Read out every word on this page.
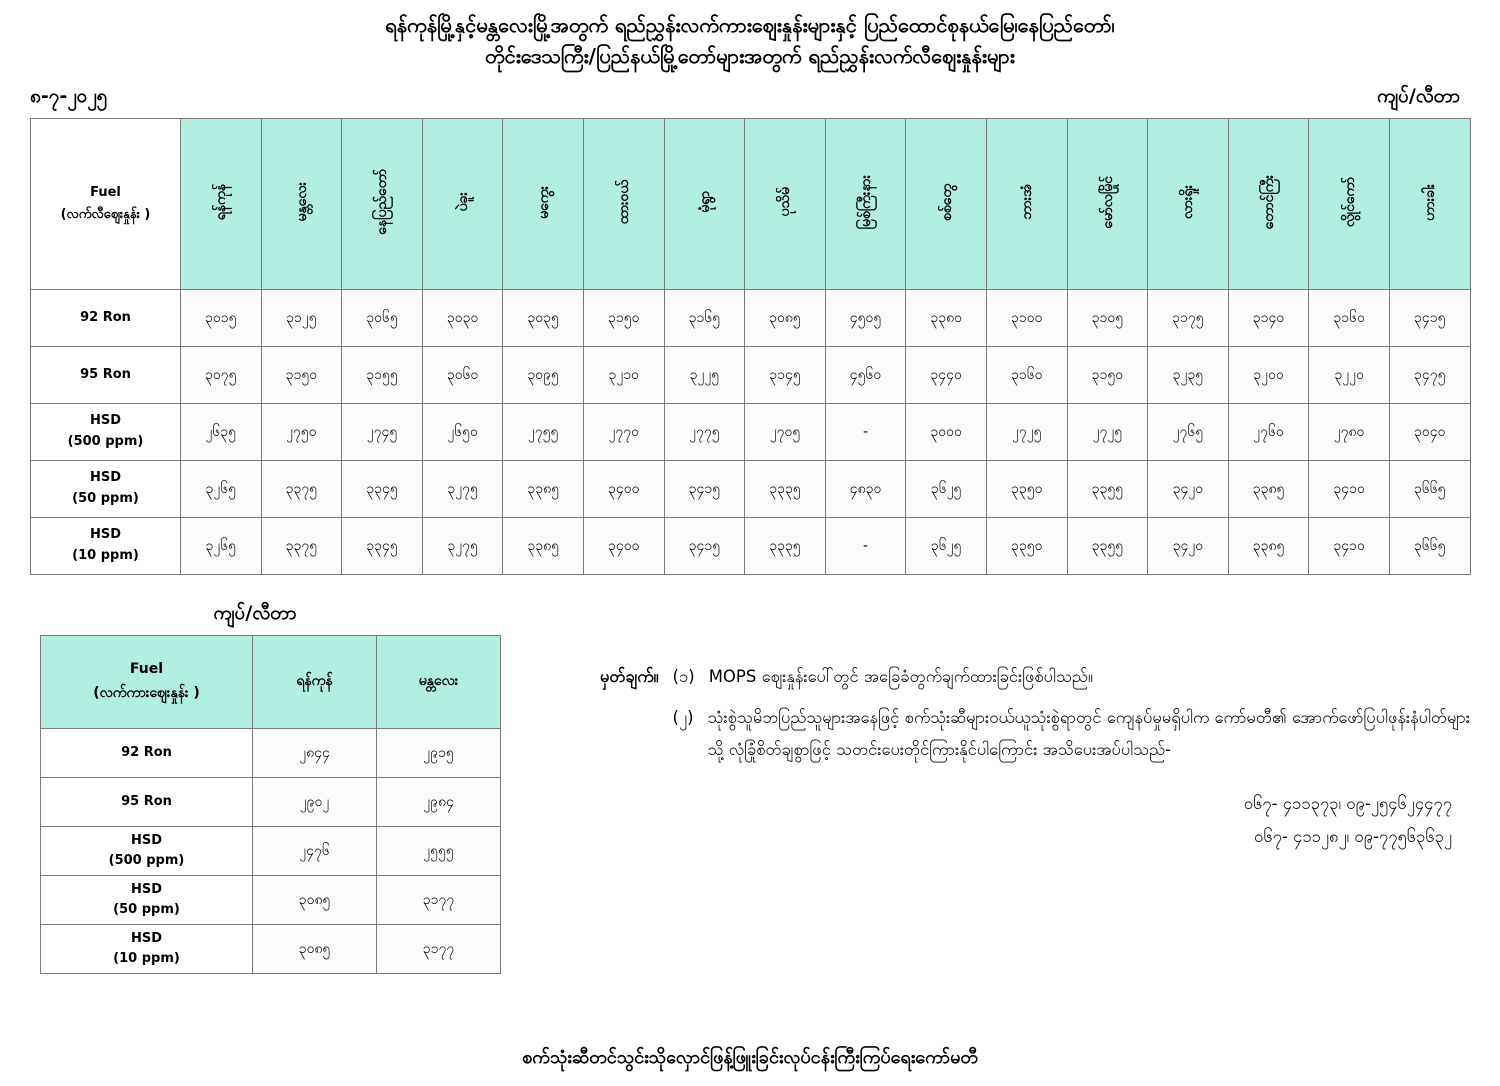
ရန်ကုန်မြို့နှင့်မန္တလေးမြို့အတွက် ရည်ညွှန်းလက်ကားဈေးနှုန်းများနှင့် ပြည်ထောင်စုနယ်မြေ၊နေပြည်တော်၊
တိုင်းဒေသကြီး/ပြည်နယ်မြို့တော်များအတွက် ရည်ညွှန်းလက်လီဈေးနှုန်းများ
၈-၇-၂၀၂၅	ကျပ်/လီတာ
Fuel
(လက်လီဈေးနှုန်း )	ရန်ကုန်	မန္တလေး	နေပြည်တော်	ပဲခူး	မကွေး	ထားဝယ်	မုံရွာ	ပုသိမ်	မြစ်ကြီးနား	စစ်တွေ	ဘားအံ	မော်လမြိုင်	လားရှိုး	တောင်ကြီး	လွိုင်ကော်	ဟားခါး

92 Ron	၃၀၁၅	၃၁၂၅	၃၀၆၅	၃၀၃၀	၃၀၃၅	၃၁၅၀	၃၁၆၅	၃၀၈၅	၄၅၀၅	၃၃၈၀	၃၁၀၀	၃၁၀၅	၃၁၇၅	၃၁၄၀	၃၁၆၀	၃၄၁၅

95 Ron	၃၀၇၅	၃၁၅၀	၃၁၅၅	၃၀၆၀	၃၀၉၅	၃၂၁၀	၃၂၂၅	၃၁၄၅	၄၅၆၀	၃၄၄၀	၃၁၆၀	၃၁၅၀	၃၂၃၅	၃၂၀၀	၃၂၂၀	၃၄၇၅

HSD
(500 ppm)	၂၆၃၅	၂၇၅၀	၂၇၄၅	၂၆၅၀	၂၇၅၅	၂၇၇၀	၂၇၇၅	၂၇၀၅	-	၃၀၀၀	၂၇၂၅	၂၇၂၅	၂၇၆၅	၂၇၆၀	၂၇၈၀	၃၀၄၀

HSD
(50 ppm)	၃၂၆၅	၃၃၇၅	၃၃၄၅	၃၂၇၅	၃၃၈၅	၃၄၀၀	၃၄၁၅	၃၃၃၅	၄၈၃၀	၃၆၂၅	၃၃၅၀	၃၃၅၅	၃၄၂၀	၃၃၈၅	၃၄၁၀	၃၆၆၅

HSD
(10 ppm)	၃၂၆၅	၃၃၇၅	၃၃၄၅	၃၂၇၅	၃၃၈၅	၃၄၀၀	၃၄၁၅	၃၃၃၅	-	၃၆၂၅	၃၃၅၀	၃၃၅၅	၃၄၂၀	၃၃၈၅	၃၄၁၀	၃၆၆၅
ကျပ်/လီတာ
Fuel
(လက်ကားဈေးနှုန်း )	ရန်ကုန်	မန္တလေး

92 Ron	၂၈၄၄	၂၉၁၅

95 Ron	၂၉၀၂	၂၉၈၄

HSD
(500 ppm)	၂၄၇၆	၂၅၅၅

HSD
(50 ppm)	၃၀၈၅	၃၁၇၇

HSD
(10 ppm)	၃၀၈၅	၃၁၇၇
မှတ်ချက်။ (၁) MOPS ဈေးနှုန်းပေါ်တွင် အခြေခံတွက်ချက်ထားခြင်းဖြစ်ပါသည်။
(၂) သုံးစွဲသူမိဘပြည်သူများအနေဖြင့် စက်သုံးဆီများဝယ်ယူသုံးစွဲရာတွင် ကျေနပ်မှုမရှိပါက ကော်မတီ၏ အောက်ဖော်ပြပါဖုန်းနံပါတ်များသို့ လုံခြုံစိတ်ချစွာဖြင့် သတင်းပေးတိုင်ကြားနိုင်ပါကြောင်း အသိပေးအပ်ပါသည်-
၀၆၇- ၄၁၁၃၇၃၊ ၀၉-၂၅၄၆၂၄၄၇၇
၀၆၇- ၄၁၁၂၈၂၊ ၀၉-၇၇၅၆၃၆၃၂
စက်သုံးဆီတင်သွင်းသိုလှောင်ဖြန့်ဖြူးခြင်းလုပ်ငန်းကြီးကြပ်ရေးကော်မတီ
